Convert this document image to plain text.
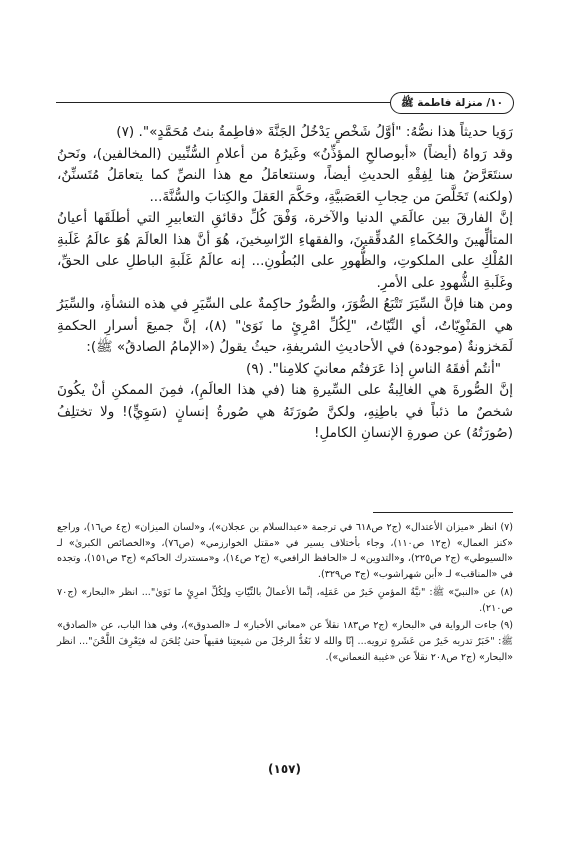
١٠/ منزلة فاطمة ﷺ

رَوَيا حديثاً هذا نصُّهُ: "أوَّلُ شَخْصٍ يَدْخُلُ الجَنَّةَ «فاطِمةُ بنتُ مُحَمَّدٍ»". (٧)

وقد رَواهُ (أيضاً) «أبوصالحِ المؤذِّنُ» وغَيرُهُ من أعلامِ السُّنِّيين (المخالفين)، ونَحنُ سنتَعَرَّضُ هنا لِفِقْهِ الحديثِ أيضاً، وسنتعامَلُ مع هذا النصِّ كما يتعامَلُ مُتَسنِّنٌ، (ولكنه) تَخَلَّصَ من حِجابِ العَصَبيَّةِ، وحَكَّمَ العَقلَ والكِتابَ والسُّنَّةَ...

إنَّ الفارقَ بين عالَمَي الدنيا والآخرة، وَفْقَ كُلِّ دقائقِ التعابيرِ التي أطلَقَها أعيانُ المتألِّهينَ والحُكَماءِ المُدقِّقينَ، والفقهاءِ الرّاسِخينَ، هُوَ أنَّ هذا العالَمَ هُوَ عالَمُ غَلَبةِ المُلْكِ على الملكوتِ، والظُّهورِ على البُطُونِ... إنه عالَمُ غَلَبةِ الباطلِ على الحقِّ، وغَلَبةِ الشُّهودِ على الأمرِ.

ومن هنا فإنَّ السِّيَرَ تَتْبَعُ الصُّوَرَ، والصُّورُ حاكِمةٌ على السِّيَرِ في هذه النشأةِ، والسِّيَرُ هي المَنْوِيّاتُ، أي النِّيّاتُ، "لِكُلِّ امْرِئٍ ما نَوَىٰ" (٨)، إنَّ جميعَ أسرارِ الحكمةِ لَمَخزونةٌ (موجودة) في الأحاديثِ الشريفةِ، حيثُ يقولُ («الإمامُ الصادقُ» ﷺ):

"أنتُم أفقَهُ الناسِ إذا عَرَفتُم معانيَ كلامِنا". (٩)

إنَّ الصُّورةَ هي الغالِبةُ على السِّيرةِ هنا (في هذا العالَمِ)، فمِنَ الممكنِ أنْ يكُونَ شخصٌ ما ذئباً في باطِنِهِ، ولكنَّ صُورَتَهُ هي صُورةُ إنسانٍ (سَوِيٍّ)! ولا تختلِفُ (صُورَتُهُ) عن صورةِ الإنسانِ الكاملِ!

(٧) انظر «ميزان الأعتدال» (ج٢ ص٦١٨ في ترجمة «عبدالسلام بن عجلان»)، و«لسان الميزان» (ج٤ ص١٦)، وراجع «كنز العمال» (ج١٢ ص١١٠)، وجاء بأختلاف يسير في «مقتل الخوارزمي» (ص٧٦)، و«الخصائص الكبرىٰ» لـ «السيوطي» (ج٢ ص٢٢٥)، و«التدوين» لـ «الحافظ الرافعي» (ج٢ ص١٤)، و«مستدرك الحاكم» (ج٣ ص١٥١)، وتجده في «المناقب» لـ «أبن شهراشوب» (ج٣ ص٣٢٩).

(٨) عن «النبيّ» ﷺ: "نيَّةُ المؤمنِ خَيرٌ من عَمَلِه، إنَّما الأعمالُ بالنِّيّاتِ ولِكُلِّ امرِئٍ ما نَوَىٰ"... انظر «البحار» (ج٧٠ ص٢١٠).

(٩) جاءت الرواية في «البحار» (ج٢ ص١٨٣ نقلاً عن «معاني الأخبار» لـ «الصدوق»)، وفي هذا الباب، عن «الصادق» ﷺ: "خَبَرٌ تدريه خَيرٌ من عَشَرةٍ ترويه... إنّا والله لا نَعُدُّ الرجُلَ من شيعتِنا فقيهاً حتىٰ يُلحَنَ له فيَعْرِفَ اللَّحْنَ"... انظر «البحار» (ج٢ ص٢٠٨ نقلاً عن «غيبة النعماني»).

(١٥٧)
